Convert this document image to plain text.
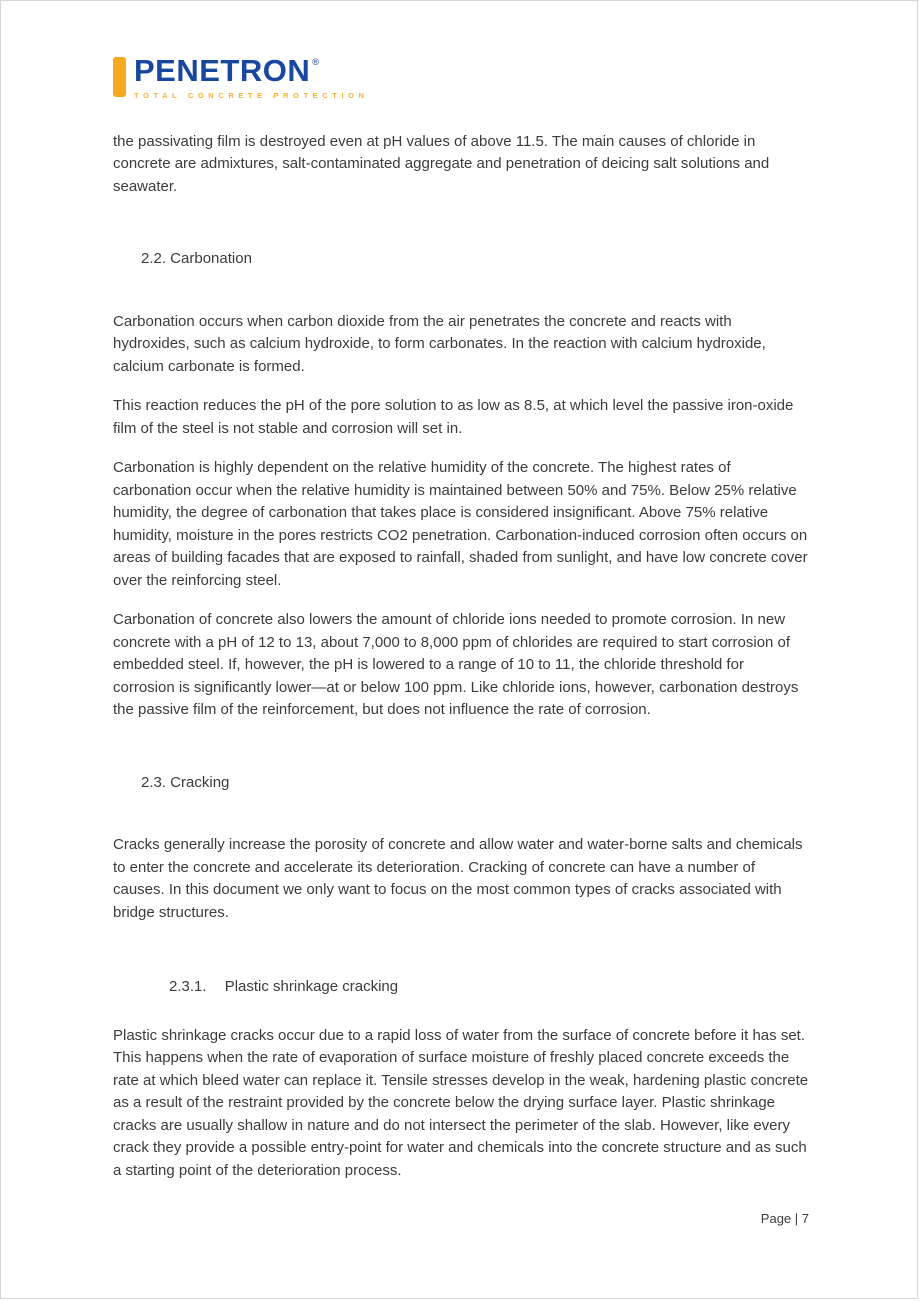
PENETRON ®
TOTAL CONCRETE PROTECTION

the passivating film is destroyed even at pH values of above 11.5. The main causes of chloride in concrete are admixtures, salt-contaminated aggregate and penetration of deicing salt solutions and seawater.

2.2. Carbonation

Carbonation occurs when carbon dioxide from the air penetrates the concrete and reacts with hydroxides, such as calcium hydroxide, to form carbonates. In the reaction with calcium hydroxide, calcium carbonate is formed.

This reaction reduces the pH of the pore solution to as low as 8.5, at which level the passive iron-oxide film of the steel is not stable and corrosion will set in.

Carbonation is highly dependent on the relative humidity of the concrete. The highest rates of carbonation occur when the relative humidity is maintained between 50% and 75%. Below 25% relative humidity, the degree of carbonation that takes place is considered insignificant. Above 75% relative humidity, moisture in the pores restricts CO2 penetration. Carbonation-induced corrosion often occurs on areas of building facades that are exposed to rainfall, shaded from sunlight, and have low concrete cover over the reinforcing steel.

Carbonation of concrete also lowers the amount of chloride ions needed to promote corrosion. In new concrete with a pH of 12 to 13, about 7,000 to 8,000 ppm of chlorides are required to start corrosion of embedded steel. If, however, the pH is lowered to a range of 10 to 11, the chloride threshold for corrosion is significantly lower—at or below 100 ppm. Like chloride ions, however, carbonation destroys the passive film of the reinforcement, but does not influence the rate of corrosion.

2.3. Cracking

Cracks generally increase the porosity of concrete and allow water and water-borne salts and chemicals to enter the concrete and accelerate its deterioration. Cracking of concrete can have a number of causes. In this document we only want to focus on the most common types of cracks associated with bridge structures.

2.3.1. Plastic shrinkage cracking

Plastic shrinkage cracks occur due to a rapid loss of water from the surface of concrete before it has set. This happens when the rate of evaporation of surface moisture of freshly placed concrete exceeds the rate at which bleed water can replace it. Tensile stresses develop in the weak, hardening plastic concrete as a result of the restraint provided by the concrete below the drying surface layer. Plastic shrinkage cracks are usually shallow in nature and do not intersect the perimeter of the slab. However, like every crack they provide a possible entry-point for water and chemicals into the concrete structure and as such a starting point of the deterioration process.

Page | 7
